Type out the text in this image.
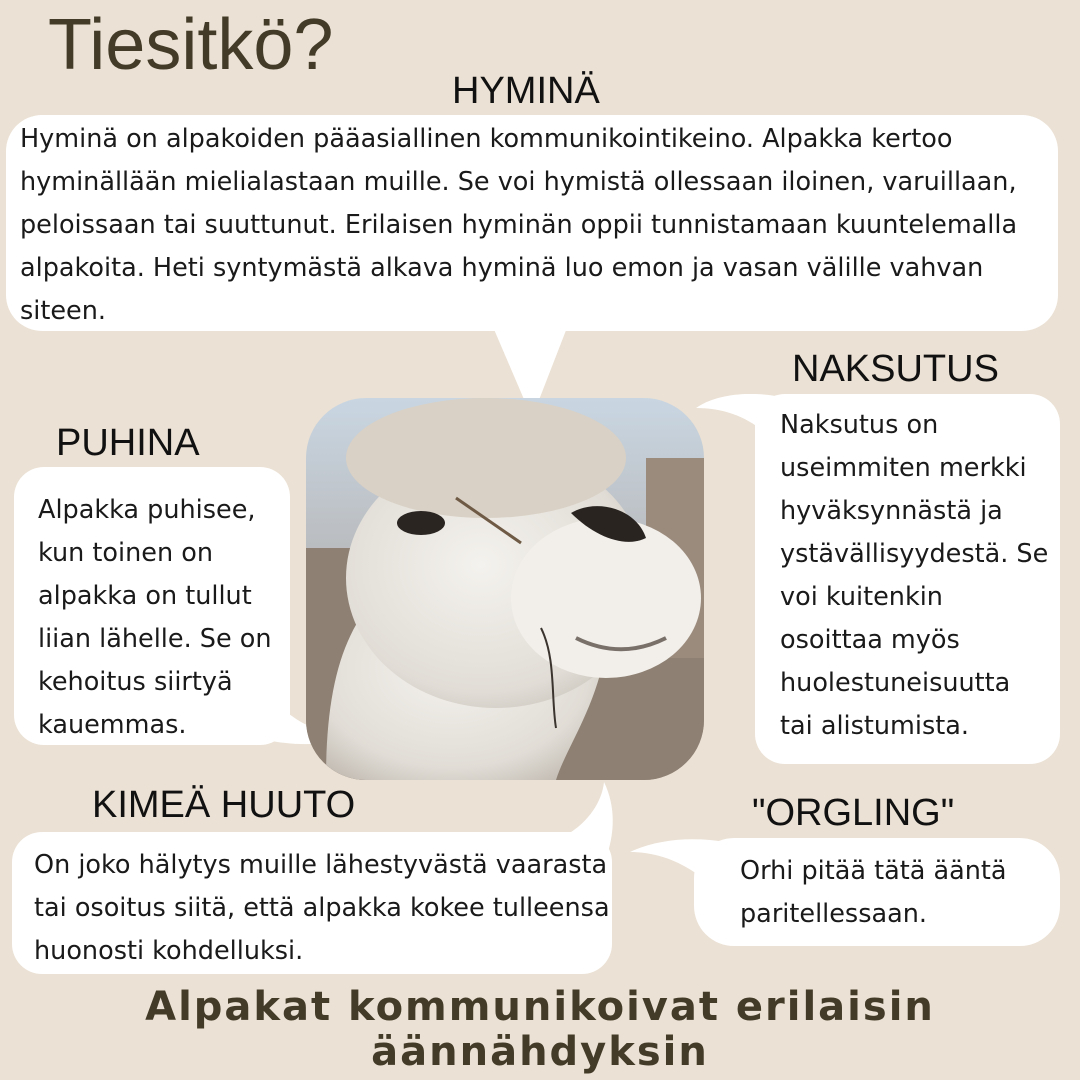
Tiesitkö?
HYMINÄ

Hyminä on alpakoiden pääasiallinen kommunikointikeino. Alpakka kertoo hyminällään mielialastaan muille. Se voi hymistä ollessaan iloinen, varuillaan, peloissaan tai suuttunut. Erilaisen hyminän oppii tunnistamaan kuuntelemalla alpakoita. Heti syntymästä alkava hyminä luo emon ja vasan välille vahvan siteen.

NAKSUTUS

Naksutus on useimmiten merkki hyväksynnästä ja ystävällisyydestä. Se voi kuitenkin osoittaa myös huolestuneisuutta tai alistumista.

PUHINA

Alpakka puhisee, kun toinen on alpakka on tullut liian lähelle. Se on kehoitus siirtyä kauemmas.

KIMEÄ HUUTO

On joko hälytys muille lähestyvästä vaarasta tai osoitus siitä, että alpakka kokee tulleensa huonosti kohdelluksi.

"ORGLING"

Orhi pitää tätä ääntä paritellessaan.

Alpakat kommunikoivat erilaisin äännähdyksin
